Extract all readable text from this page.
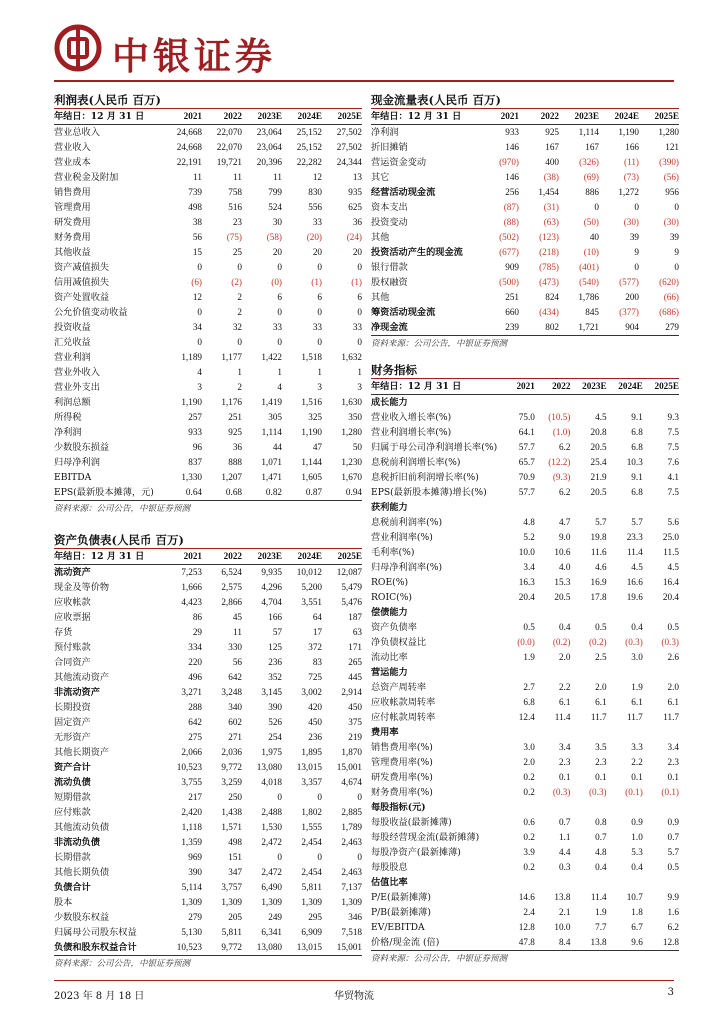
中银证券
利润表(人民币 百万)
年结日：12 月 31 日	2021	2022	2023E	2024E	2025E
营业总收入	24,668	22,070	23,064	25,152	27,502
营业收入	24,668	22,070	23,064	25,152	27,502
营业成本	22,191	19,721	20,396	22,282	24,344
营业税金及附加	11	11	11	12	13
销售费用	739	758	799	830	935
管理费用	498	516	524	556	625
研发费用	38	23	30	33	36
财务费用	56	(75)	(58)	(20)	(24)
其他收益	15	25	20	20	20
资产减值损失	0	0	0	0	0
信用减值损失	(6)	(2)	(0)	(1)	(1)
资产处置收益	12	2	6	6	6
公允价值变动收益	0	2	0	0	0
投资收益	34	32	33	33	33
汇兑收益	0	0	0	0	0
营业利润	1,189	1,177	1,422	1,518	1,632
营业外收入	4	1	1	1	1
营业外支出	3	2	4	3	3
利润总额	1,190	1,176	1,419	1,516	1,630
所得税	257	251	305	325	350
净利润	933	925	1,114	1,190	1,280
少数股东损益	96	36	44	47	50
归母净利润	837	888	1,071	1,144	1,230
EBITDA	1,330	1,207	1,471	1,605	1,670
EPS(最新股本摊薄，元)	0.64	0.68	0.82	0.87	0.94
资料来源：公司公告，中银证券预测
资产负债表(人民币 百万)
年结日：12 月 31 日	2021	2022	2023E	2024E	2025E
流动资产	7,253	6,524	9,935	10,012	12,087
现金及等价物	1,666	2,575	4,296	5,200	5,479
应收帐款	4,423	2,866	4,704	3,551	5,476
应收票据	86	45	166	64	187
存货	29	11	57	17	63
预付账款	334	330	125	372	171
合同资产	220	56	236	83	265
其他流动资产	496	642	352	725	445
非流动资产	3,271	3,248	3,145	3,002	2,914
长期投资	288	340	390	420	450
固定资产	642	602	526	450	375
无形资产	275	271	254	236	219
其他长期资产	2,066	2,036	1,975	1,895	1,870
资产合计	10,523	9,772	13,080	13,015	15,001
流动负债	3,755	3,259	4,018	3,357	4,674
短期借款	217	250	0	0	0
应付账款	2,420	1,438	2,488	1,802	2,885
其他流动负债	1,118	1,571	1,530	1,555	1,789
非流动负债	1,359	498	2,472	2,454	2,463
长期借款	969	151	0	0	0
其他长期负债	390	347	2,472	2,454	2,463
负债合计	5,114	3,757	6,490	5,811	7,137
股本	1,309	1,309	1,309	1,309	1,309
少数股东权益	279	205	249	295	346
归属母公司股东权益	5,130	5,811	6,341	6,909	7,518
负债和股东权益合计	10,523	9,772	13,080	13,015	15,001
资料来源：公司公告，中银证券预测
现金流量表(人民币 百万)
年结日：12 月 31 日	2021	2022	2023E	2024E	2025E
净利润	933	925	1,114	1,190	1,280
折旧摊销	146	167	167	166	121
营运资金变动	(970)	400	(326)	(11)	(390)
其它	146	(38)	(69)	(73)	(56)
经营活动现金流	256	1,454	886	1,272	956
资本支出	(87)	(31)	0	0	0
投资变动	(88)	(63)	(50)	(30)	(30)
其他	(502)	(123)	40	39	39
投资活动产生的现金流	(677)	(218)	(10)	9	9
银行借款	909	(785)	(401)	0	0
股权融资	(500)	(473)	(540)	(577)	(620)
其他	251	824	1,786	200	(66)
筹资活动现金流	660	(434)	845	(377)	(686)
净现金流	239	802	1,721	904	279
资料来源：公司公告，中银证券预测
财务指标
年结日：12 月 31 日	2021	2022	2023E	2024E	2025E
成长能力					
营业收入增长率(%)	75.0	(10.5)	4.5	9.1	9.3
营业利润增长率(%)	64.1	(1.0)	20.8	6.8	7.5
归属于母公司净利润增长率(%)	57.7	6.2	20.5	6.8	7.5
息税前利润增长率(%)	65.7	(12.2)	25.4	10.3	7.6
息税折旧前利润增长率(%)	70.9	(9.3)	21.9	9.1	4.1
EPS(最新股本摊薄)增长(%)	57.7	6.2	20.5	6.8	7.5
获利能力					
息税前利润率(%)	4.8	4.7	5.7	5.7	5.6
营业利润率(%)	5.2	9.0	19.8	23.3	25.0
毛利率(%)	10.0	10.6	11.6	11.4	11.5
归母净利润率(%)	3.4	4.0	4.6	4.5	4.5
ROE(%)	16.3	15.3	16.9	16.6	16.4
ROIC(%)	20.4	20.5	17.8	19.6	20.4
偿债能力					
资产负债率	0.5	0.4	0.5	0.4	0.5
净负债权益比	(0.0)	(0.2)	(0.2)	(0.3)	(0.3)
流动比率	1.9	2.0	2.5	3.0	2.6
营运能力					
总资产周转率	2.7	2.2	2.0	1.9	2.0
应收帐款周转率	6.8	6.1	6.1	6.1	6.1
应付帐款周转率	12.4	11.4	11.7	11.7	11.7
费用率					
销售费用率(%)	3.0	3.4	3.5	3.3	3.4
管理费用率(%)	2.0	2.3	2.3	2.2	2.3
研发费用率(%)	0.2	0.1	0.1	0.1	0.1
财务费用率(%)	0.2	(0.3)	(0.3)	(0.1)	(0.1)
每股指标(元)					
每股收益(最新摊薄)	0.6	0.7	0.8	0.9	0.9
每股经营现金流(最新摊薄)	0.2	1.1	0.7	1.0	0.7
每股净资产(最新摊薄)	3.9	4.4	4.8	5.3	5.7
每股股息	0.2	0.3	0.4	0.4	0.5
估值比率					
P/E(最新摊薄)	14.6	13.8	11.4	10.7	9.9
P/B(最新摊薄)	2.4	2.1	1.9	1.8	1.6
EV/EBITDA	12.8	10.0	7.7	6.7	6.2
价格/现金流 (倍)	47.8	8.4	13.8	9.6	12.8
资料来源：公司公告，中银证券预测
2023 年 8 月 18 日	华贸物流	3
